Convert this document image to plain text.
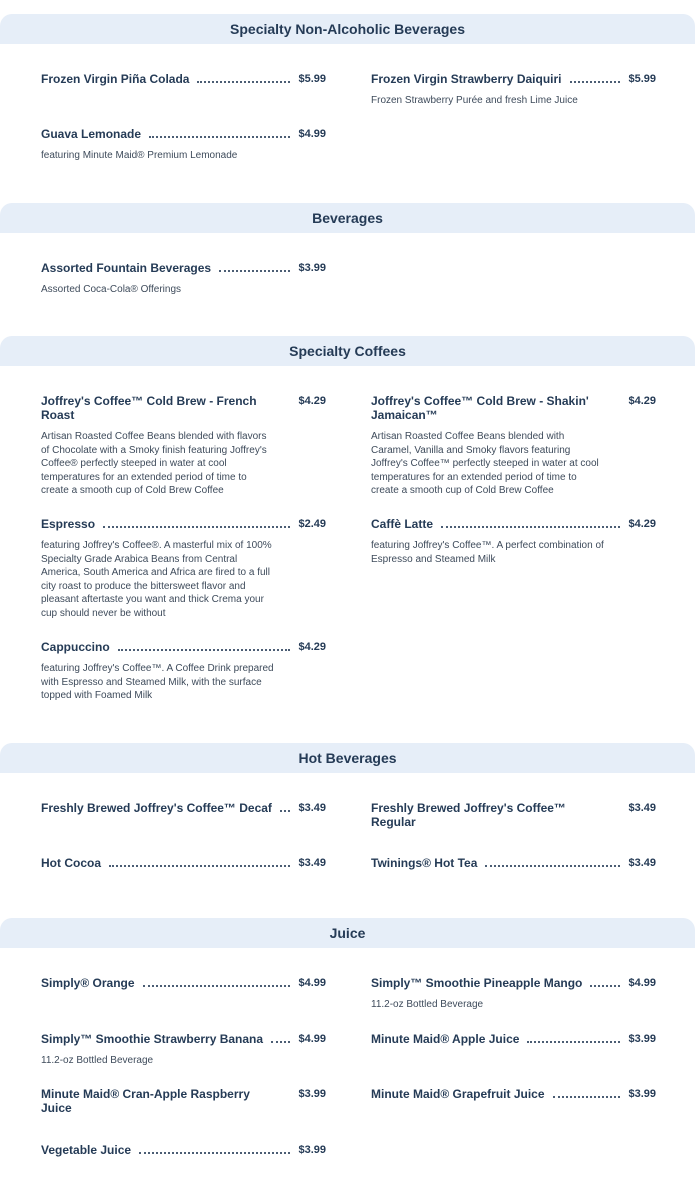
Specialty Non-Alcoholic Beverages
Frozen Virgin Piña Colada	$5.99	Frozen Virgin Strawberry Daiquiri	$5.99
Frozen Strawberry Purée and fresh Lime Juice
Guava Lemonade	$4.99
featuring Minute Maid® Premium Lemonade
Beverages
Assorted Fountain Beverages	$3.99
Assorted Coca-Cola® Offerings
Specialty Coffees
Joffrey's Coffee™ Cold Brew - French Roast
$4.29
Artisan Roasted Coffee Beans blended with flavors of Chocolate with a Smoky finish featuring Joffrey's Coffee® perfectly steeped in water at cool temperatures for an extended period of time to create a smooth cup of Cold Brew Coffee
Joffrey's Coffee™ Cold Brew - Shakin' Jamaican™
$4.29
Artisan Roasted Coffee Beans blended with Caramel, Vanilla and Smoky flavors featuring Joffrey's Coffee™ perfectly steeped in water at cool temperatures for an extended period of time to create a smooth cup of Cold Brew Coffee
Espresso	$2.49
featuring Joffrey's Coffee®. A masterful mix of 100% Specialty Grade Arabica Beans from Central America, South America and Africa are fired to a full city roast to produce the bittersweet flavor and pleasant aftertaste you want and thick Crema your cup should never be without
Caffè Latte	$4.29
featuring Joffrey's Coffee™. A perfect combination of Espresso and Steamed Milk
Cappuccino	$4.29
featuring Joffrey's Coffee™. A Coffee Drink prepared with Espresso and Steamed Milk, with the surface topped with Foamed Milk
Hot Beverages
Freshly Brewed Joffrey's Coffee™ Decaf $3.49	Freshly Brewed Joffrey's Coffee™ Regular
$3.49
Hot Cocoa	$3.49	Twinings® Hot Tea	$3.49
Juice
Simply® Orange	$4.99	Simply™ Smoothie Pineapple Mango	$4.99
11.2-oz Bottled Beverage
Simply™ Smoothie Strawberry Banana	$4.99
11.2-oz Bottled Beverage
Minute Maid® Apple Juice	$3.99
Minute Maid® Cran-Apple Raspberry Juice
$3.99	Minute Maid® Grapefruit Juice	$3.99
Vegetable Juice	$3.99
